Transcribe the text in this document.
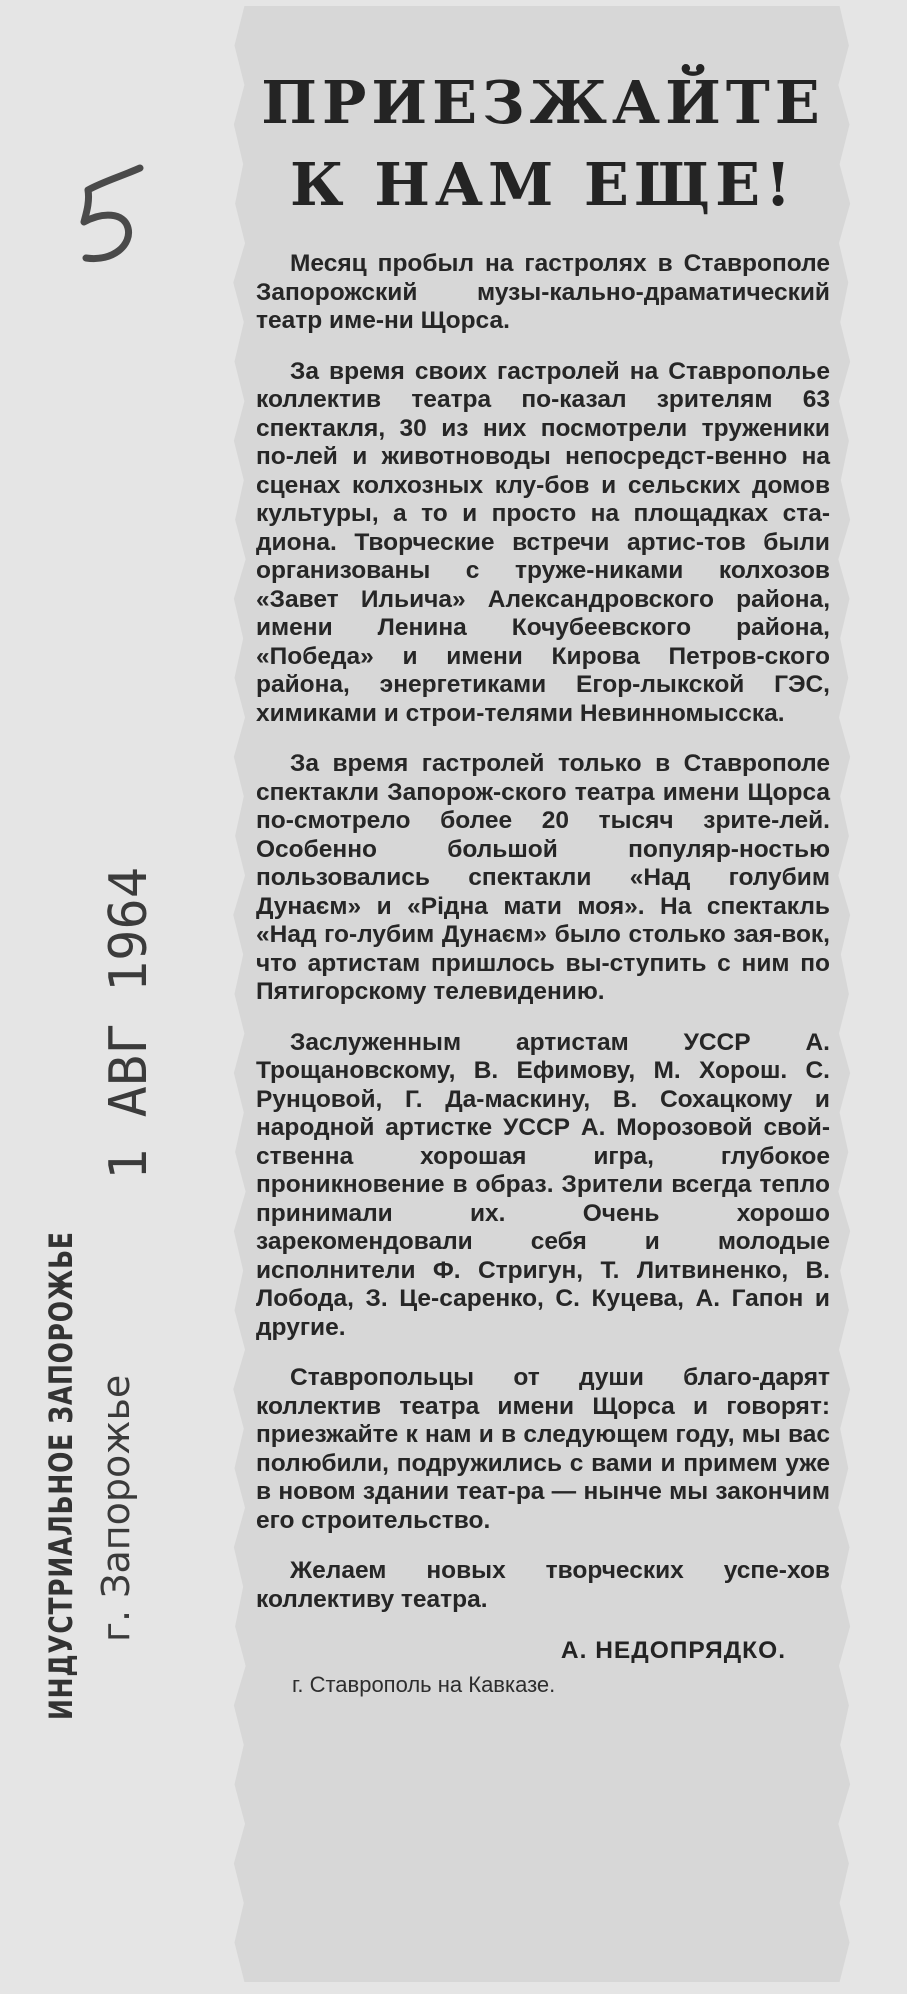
ИНДУСТРИАЛЬНОЕ ЗАПОРОЖЬЕ г. Запорожье
1 АВГ 1964
ПРИЕЗЖАЙТЕ
К НАМ ЕЩЕ!

Месяц пробыл на гастролях в Ставрополе Запорожский музы-кально-драматический театр име-ни Щорса.

За время своих гастролей на Ставрополье коллектив театра по-казал зрителям 63 спектакля, 30 из них посмотрели труженики по-лей и животноводы непосредст-венно на сценах колхозных клу-бов и сельских домов культуры, а то и просто на площадках ста-диона. Творческие встречи артис-тов были организованы с труже-никами колхозов «Завет Ильича» Александровского района, имени Ленина Кочубеевского района, «Победа» и имени Кирова Петров-ского района, энергетиками Егор-лыкской ГЭС, химиками и строи-телями Невинномысска.

За время гастролей только в Ставрополе спектакли Запорож-ского театра имени Щорса по-смотрело более 20 тысяч зрите-лей. Особенно большой популяр-ностью пользовались спектакли «Над голубим Дунаєм» и «Рідна мати моя». На спектакль «Над го-лубим Дунаєм» было столько зая-вок, что артистам пришлось вы-ступить с ним по Пятигорскому телевидению.

Заслуженным артистам УССР А. Трощановскому, В. Ефимову, М. Хорош. С. Рунцовой, Г. Да-маскину, В. Сохацкому и народной артистке УССР А. Морозовой свой-ственна хорошая игра, глубокое проникновение в образ. Зрители всегда тепло принимали их. Очень хорошо зарекомендовали себя и молодые исполнители Ф. Стригун, Т. Литвиненко, В. Лобода, З. Це-саренко, С. Куцева, А. Гапон и другие.

Ставропольцы от души благо-дарят коллектив театра имени Щорса и говорят: приезжайте к нам и в следующем году, мы вас полюбили, подружились с вами и примем уже в новом здании теат-ра — нынче мы закончим его строительство.

Желаем новых творческих успе-хов коллективу театра.

А. НЕДОПРЯДКО.
г. Ставрополь на Кавказе.
